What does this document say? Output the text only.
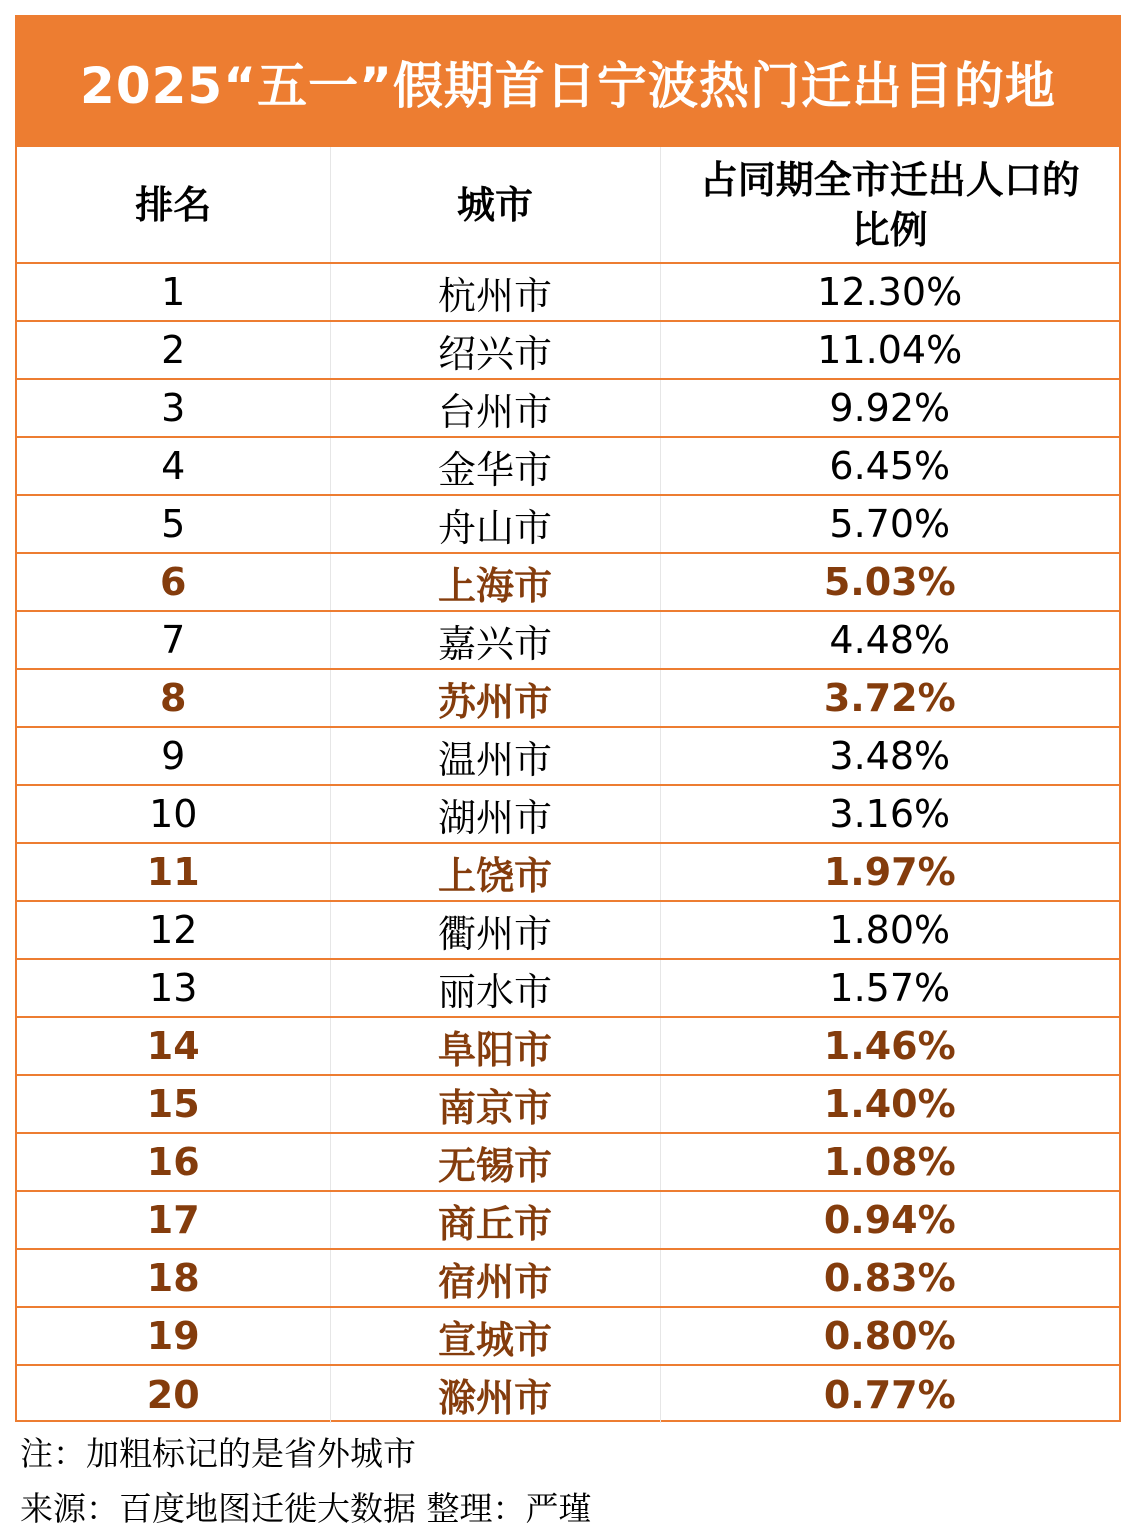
2025“五一”假期首日宁波热门迁出目的地
排名	城市	占同期全市迁出人口的比例
1	杭州市	12.30%
2	绍兴市	11.04%
3	台州市	9.92%
4	金华市	6.45%
5	舟山市	5.70%
6	上海市	5.03%
7	嘉兴市	4.48%
8	苏州市	3.72%
9	温州市	3.48%
10	湖州市	3.16%
11	上饶市	1.97%
12	衢州市	1.80%
13	丽水市	1.57%
14	阜阳市	1.46%
15	南京市	1.40%
16	无锡市	1.08%
17	商丘市	0.94%
18	宿州市	0.83%
19	宣城市	0.80%
20	滁州市	0.77%
注：加粗标记的是省外城市
来源：百度地图迁徙大数据 整理：严瑾
